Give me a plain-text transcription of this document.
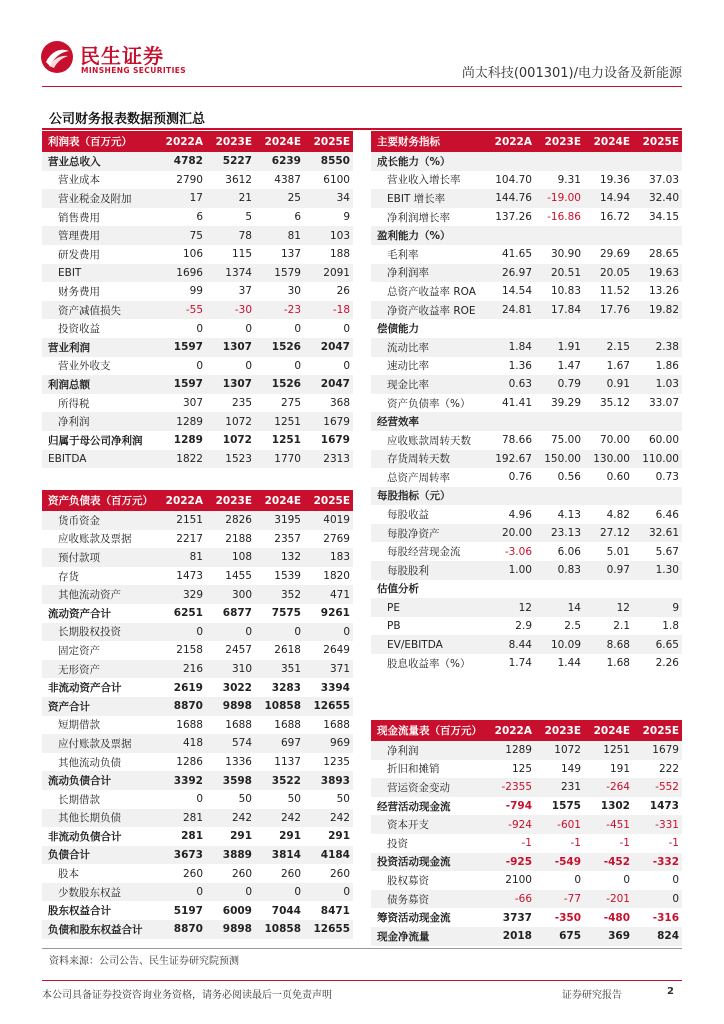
民生证券
MINSHENG SECURITIES	尚太科技(001301)/电力设备及新能源
公司财务报表数据预测汇总
利润表（百万元）	2022A	2023E	2024E	2025E
营业总收入	4782	5227	6239	8550
营业成本	2790	3612	4387	6100
营业税金及附加	17	21	25	34
销售费用	6	5	6	9
管理费用	75	78	81	103
研发费用	106	115	137	188
EBIT	1696	1374	1579	2091
财务费用	99	37	30	26
资产减值损失	-55	-30	-23	-18
投资收益	0	0	0	0
营业利润	1597	1307	1526	2047
营业外收支	0	0	0	0
利润总额	1597	1307	1526	2047
所得税	307	235	275	368
净利润	1289	1072	1251	1679
归属于母公司净利润	1289	1072	1251	1679
EBITDA	1822	1523	1770	2313
资产负债表（百万元）	2022A	2023E	2024E	2025E
货币资金	2151	2826	3195	4019
应收账款及票据	2217	2188	2357	2769
预付款项	81	108	132	183
存货	1473	1455	1539	1820
其他流动资产	329	300	352	471
流动资产合计	6251	6877	7575	9261
长期股权投资	0	0	0	0
固定资产	2158	2457	2618	2649
无形资产	216	310	351	371
非流动资产合计	2619	3022	3283	3394
资产合计	8870	9898	10858	12655
短期借款	1688	1688	1688	1688
应付账款及票据	418	574	697	969
其他流动负债	1286	1336	1137	1235
流动负债合计	3392	3598	3522	3893
长期借款	0	50	50	50
其他长期负债	281	242	242	242
非流动负债合计	281	291	291	291
负债合计	3673	3889	3814	4184
股本	260	260	260	260
少数股东权益	0	0	0	0
股东权益合计	5197	6009	7044	8471
负债和股东权益合计	8870	9898	10858	12655
主要财务指标	2022A	2023E	2024E	2025E
成长能力（%）				
营业收入增长率	104.70	9.31	19.36	37.03
EBIT 增长率	144.76	-19.00	14.94	32.40
净利润增长率	137.26	-16.86	16.72	34.15
盈利能力（%）				
毛利率	41.65	30.90	29.69	28.65
净利润率	26.97	20.51	20.05	19.63
总资产收益率 ROA	14.54	10.83	11.52	13.26
净资产收益率 ROE	24.81	17.84	17.76	19.82
偿债能力				
流动比率	1.84	1.91	2.15	2.38
速动比率	1.36	1.47	1.67	1.86
现金比率	0.63	0.79	0.91	1.03
资产负债率（%）	41.41	39.29	35.12	33.07
经营效率				
应收账款周转天数	78.66	75.00	70.00	60.00
存货周转天数	192.67	150.00	130.00	110.00
总资产周转率	0.76	0.56	0.60	0.73
每股指标（元）				
每股收益	4.96	4.13	4.82	6.46
每股净资产	20.00	23.13	27.12	32.61
每股经营现金流	-3.06	6.06	5.01	5.67
每股股利	1.00	0.83	0.97	1.30
估值分析				
PE	12	14	12	9
PB	2.9	2.5	2.1	1.8
EV/EBITDA	8.44	10.09	8.68	6.65
股息收益率（%）	1.74	1.44	1.68	2.26
现金流量表（百万元）	2022A	2023E	2024E	2025E
净利润	1289	1072	1251	1679
折旧和摊销	125	149	191	222
营运资金变动	-2355	231	-264	-552
经营活动现金流	-794	1575	1302	1473
资本开支	-924	-601	-451	-331
投资	-1	-1	-1	-1
投资活动现金流	-925	-549	-452	-332
股权募资	2100	0	0	0
债务募资	-66	-77	-201	0
筹资活动现金流	3737	-350	-480	-316
现金净流量	2018	675	369	824
资料来源：公司公告、民生证券研究院预测
本公司具备证券投资咨询业务资格，请务必阅读最后一页免责声明	证券研究报告	2
